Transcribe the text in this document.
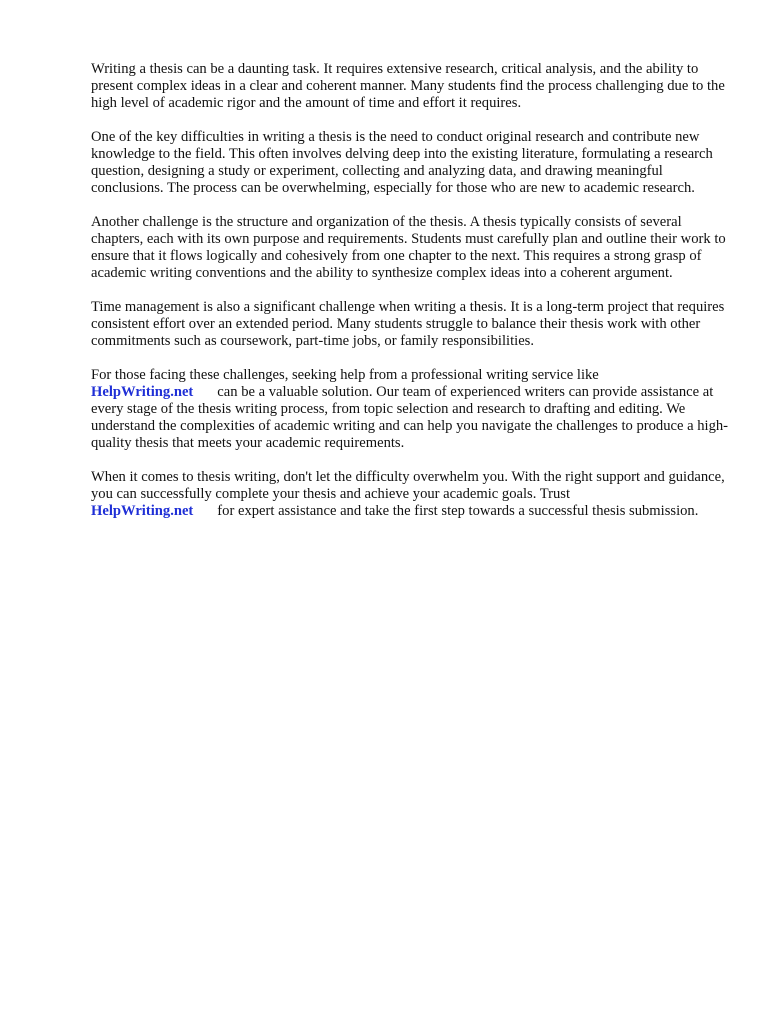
Writing a thesis can be a daunting task. It requires extensive research, critical analysis, and the ability to present complex ideas in a clear and coherent manner. Many students find the process challenging due to the high level of academic rigor and the amount of time and effort it requires.

One of the key difficulties in writing a thesis is the need to conduct original research and contribute new knowledge to the field. This often involves delving deep into the existing literature, formulating a research question, designing a study or experiment, collecting and analyzing data, and drawing meaningful conclusions. The process can be overwhelming, especially for those who are new to academic research.

Another challenge is the structure and organization of the thesis. A thesis typically consists of several chapters, each with its own purpose and requirements. Students must carefully plan and outline their work to ensure that it flows logically and cohesively from one chapter to the next. This requires a strong grasp of academic writing conventions and the ability to synthesize complex ideas into a coherent argument.

Time management is also a significant challenge when writing a thesis. It is a long-term project that requires consistent effort over an extended period. Many students struggle to balance their thesis work with other commitments such as coursework, part-time jobs, or family responsibilities.

For those facing these challenges, seeking help from a professional writing service like
HelpWriting.net can be a valuable solution. Our team of experienced writers can provide assistance at every stage of the thesis writing process, from topic selection and research to drafting and editing. We understand the complexities of academic writing and can help you navigate the challenges to produce a high-quality thesis that meets your academic requirements.

When it comes to thesis writing, don't let the difficulty overwhelm you. With the right support and guidance, you can successfully complete your thesis and achieve your academic goals. Trust
HelpWriting.net for expert assistance and take the first step towards a successful thesis submission.
